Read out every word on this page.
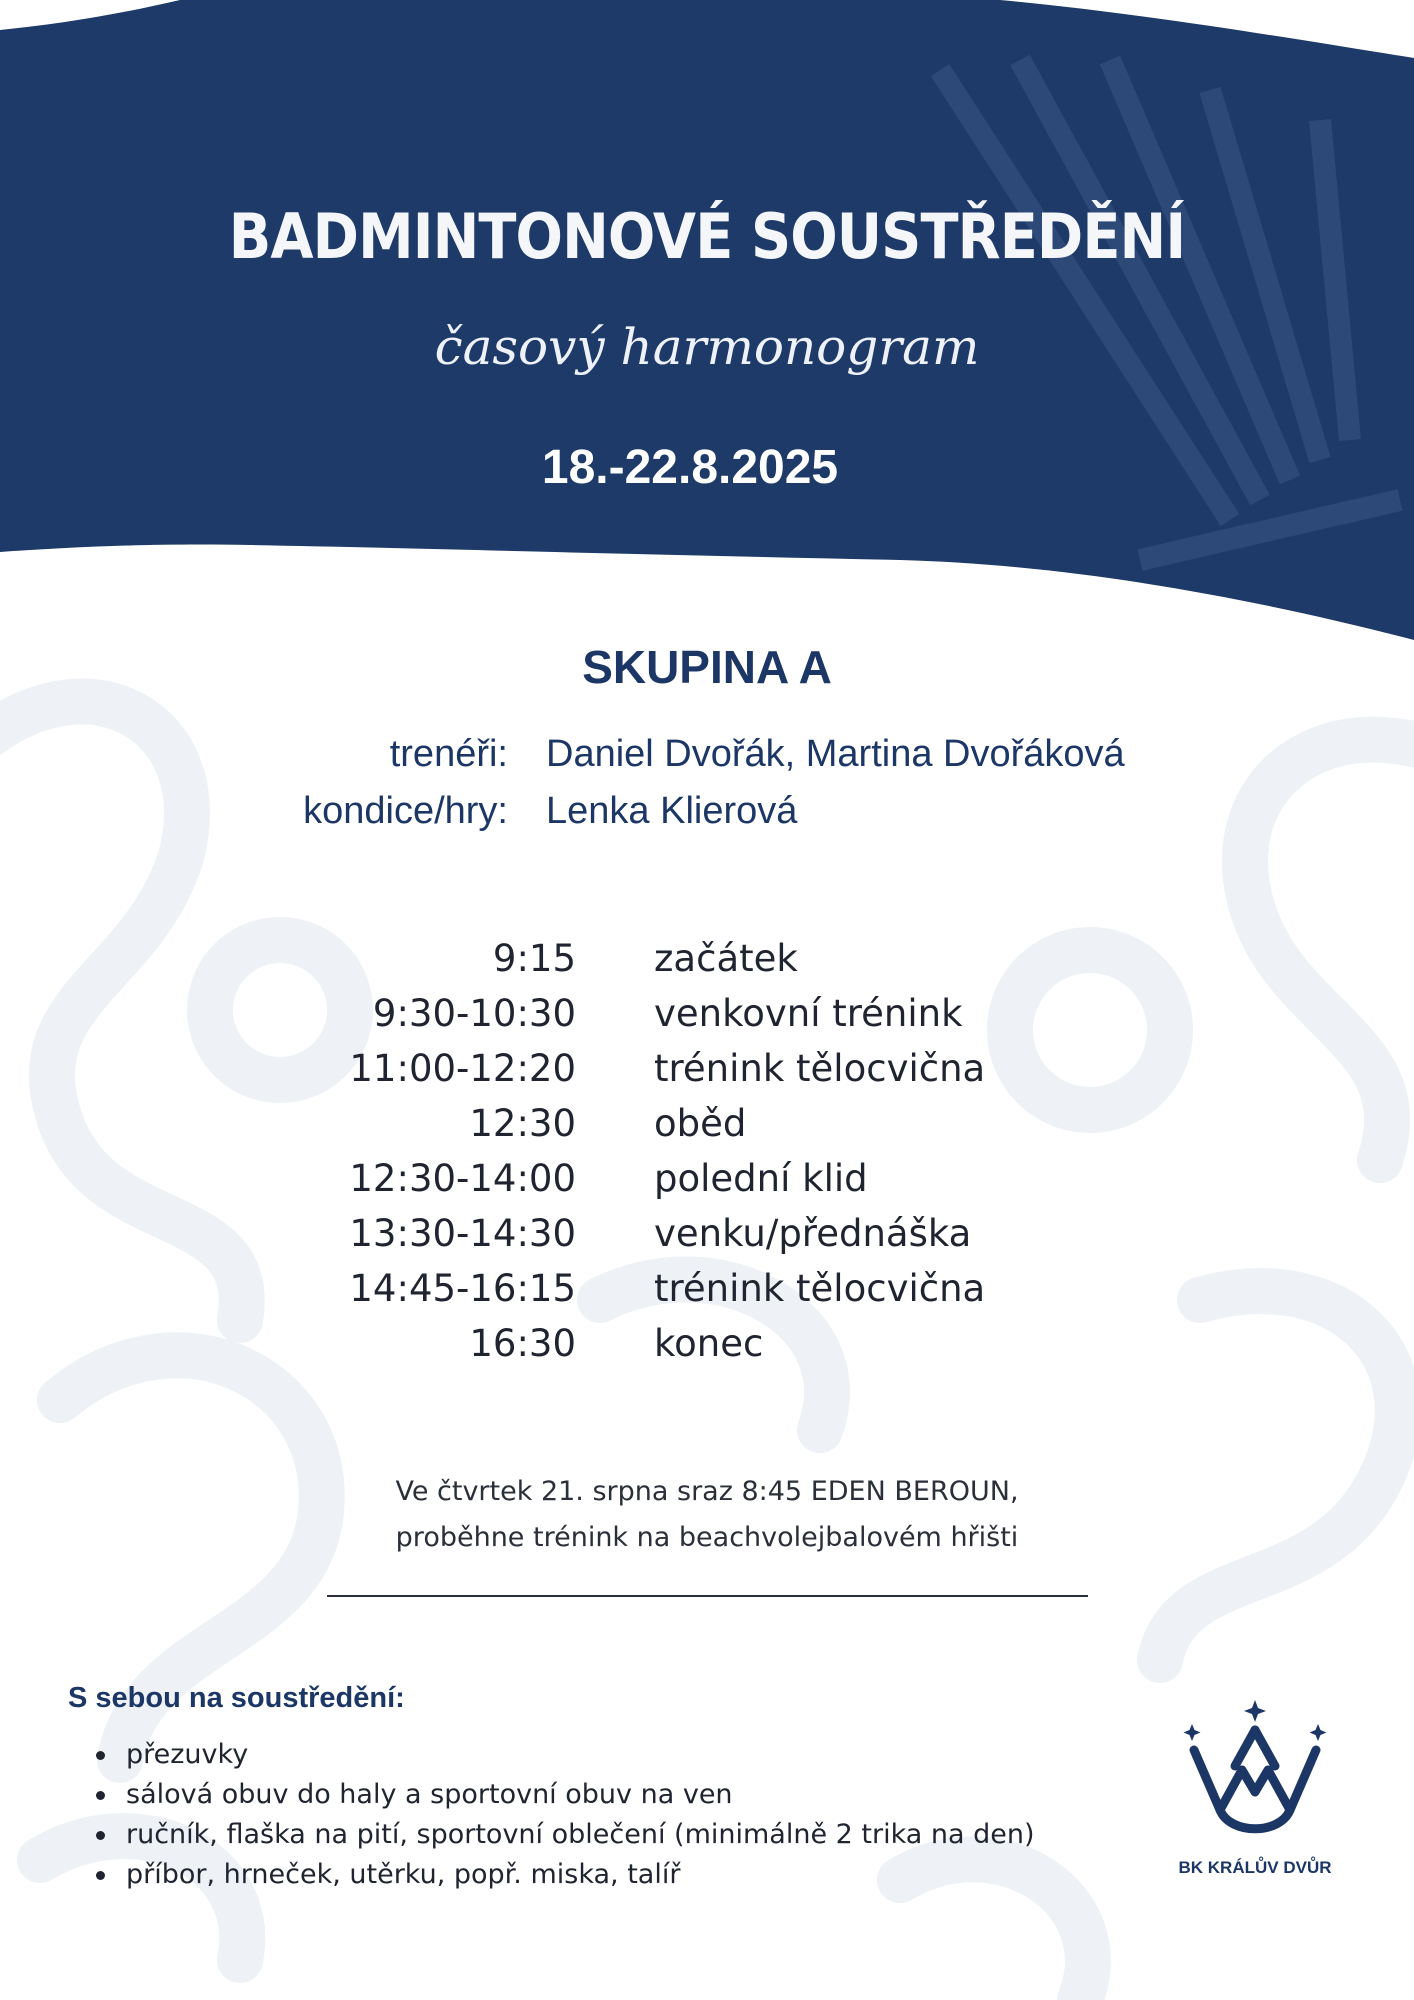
BADMINTONOVÉ SOUSTŘEDĚNÍ
časový harmonogram
18.-22.8.2025
SKUPINA A
trenéři: Daniel Dvořák, Martina Dvořáková
kondice/hry: Lenka Klierová
9:15 začátek
9:30-10:30 venkovní trénink
11:00-12:20 trénink tělocvična
12:30 oběd
12:30-14:00 polední klid
13:30-14:30 venku/přednáška
14:45-16:15 trénink tělocvična
16:30 konec
Ve čtvrtek 21. srpna sraz 8:45 EDEN BEROUN,
proběhne trénink na beachvolejbalovém hřišti
S sebou na soustředění:
přezuvky
sálová obuv do haly a sportovní obuv na ven
ručník, flaška na pití, sportovní oblečení (minimálně 2 trika na den)
příbor, hrneček, utěrku, popř. miska, talíř	BK KRÁLŮV DVŮR
